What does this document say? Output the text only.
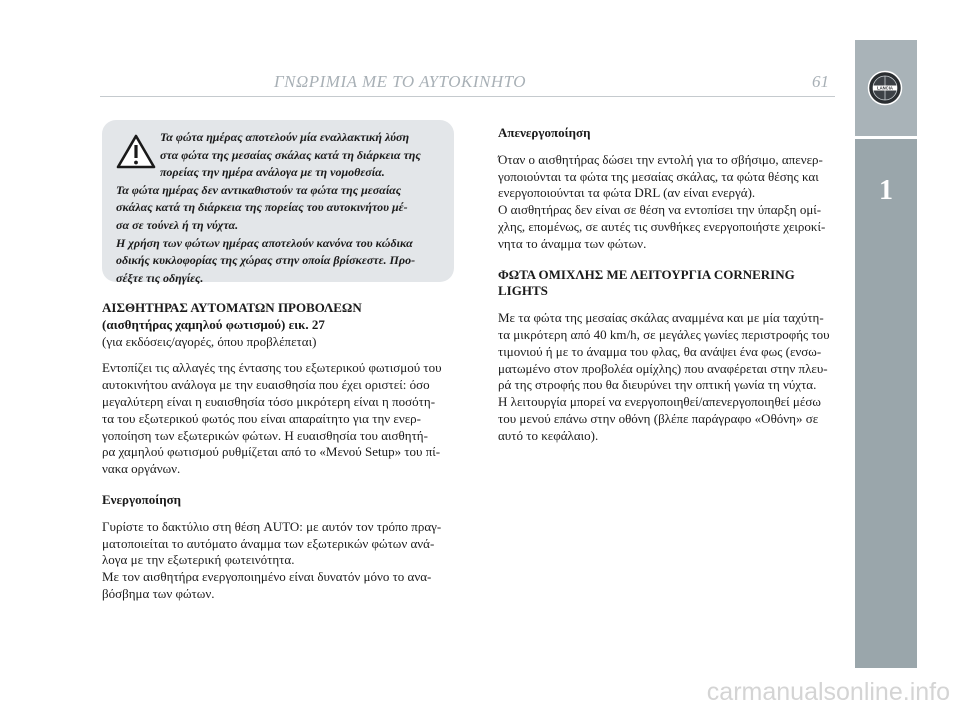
ΓΝΩΡΙΜΙΑ ΜΕ ΤΟ ΑΥΤΟΚΙΝΗΤΟ	61	LANCIA
1

Τα φώτα ημέρας αποτελούν μία εναλλακτική λύση
στα φώτα της μεσαίας σκάλας κατά τη διάρκεια της
πορείας την ημέρα ανάλογα με τη νομοθεσία.
Τα φώτα ημέρας δεν αντικαθιστούν τα φώτα της μεσαίας
σκάλας κατά τη διάρκεια της πορείας του αυτοκινήτου μέ-
σα σε τούνελ ή τη νύχτα.
Η χρήση των φώτων ημέρας αποτελούν κανόνα του κώδικα
οδικής κυκλοφορίας της χώρας στην οποία βρίσκεστε. Προ-
σέξτε τις οδηγίες.

ΑΙΣΘΗΤΗΡΑΣ ΑΥΤΟΜΑΤΩΝ ΠΡΟΒΟΛΕΩΝ

(αισθητήρας χαμηλού φωτισμού) εικ. 27

(για εκδόσεις/αγορές, όπου προβλέπεται)

Εντοπίζει τις αλλαγές της έντασης του εξωτερικού φωτισμού του
αυτοκινήτου ανάλογα με την ευαισθησία που έχει οριστεί: όσο
μεγαλύτερη είναι η ευαισθησία τόσο μικρότερη είναι η ποσότη-
τα του εξωτερικού φωτός που είναι απαραίτητο για την ενερ-
γοποίηση των εξωτερικών φώτων. Η ευαισθησία του αισθητή-
ρα χαμηλού φωτισμού ρυθμίζεται από το «Μενού Setup» του πί-
νακα οργάνων.

Ενεργοποίηση

Γυρίστε το δακτύλιο στη θέση AUTO: με αυτόν τον τρόπο πραγ-
ματοποιείται το αυτόματο άναμμα των εξωτερικών φώτων ανά-
λογα με την εξωτερική φωτεινότητα.
Με τον αισθητήρα ενεργοποιημένο είναι δυνατόν μόνο το ανα-
βόσβημα των φώτων.

Απενεργοποίηση

Όταν ο αισθητήρας δώσει την εντολή για το σβήσιμο, απενερ-
γοποιούνται τα φώτα της μεσαίας σκάλας, τα φώτα θέσης και
ενεργοποιούνται τα φώτα DRL (αν είναι ενεργά).
Ο αισθητήρας δεν είναι σε θέση να εντοπίσει την ύπαρξη ομί-
χλης, επομένως, σε αυτές τις συνθήκες ενεργοποιήστε χειροκί-
νητα το άναμμα των φώτων.

ΦΩΤΑ ΟΜΙΧΛΗΣ ΜΕ ΛΕΙΤΟΥΡΓΙΑ CORNERING

LIGHTS

Με τα φώτα της μεσαίας σκάλας αναμμένα και με μία ταχύτη-
τα μικρότερη από 40 km/h, σε μεγάλες γωνίες περιστροφής του
τιμονιού ή με το άναμμα του φλας, θα ανάψει ένα φως (ενσω-
ματωμένο στον προβολέα ομίχλης) που αναφέρεται στην πλευ-
ρά της στροφής που θα διευρύνει την οπτική γωνία τη νύχτα.
Η λειτουργία μπορεί να ενεργοποιηθεί/απενεργοποιηθεί μέσω
του μενού επάνω στην οθόνη (βλέπε παράγραφο «Οθόνη» σε
αυτό το κεφάλαιο).

carmanualsonline.info
